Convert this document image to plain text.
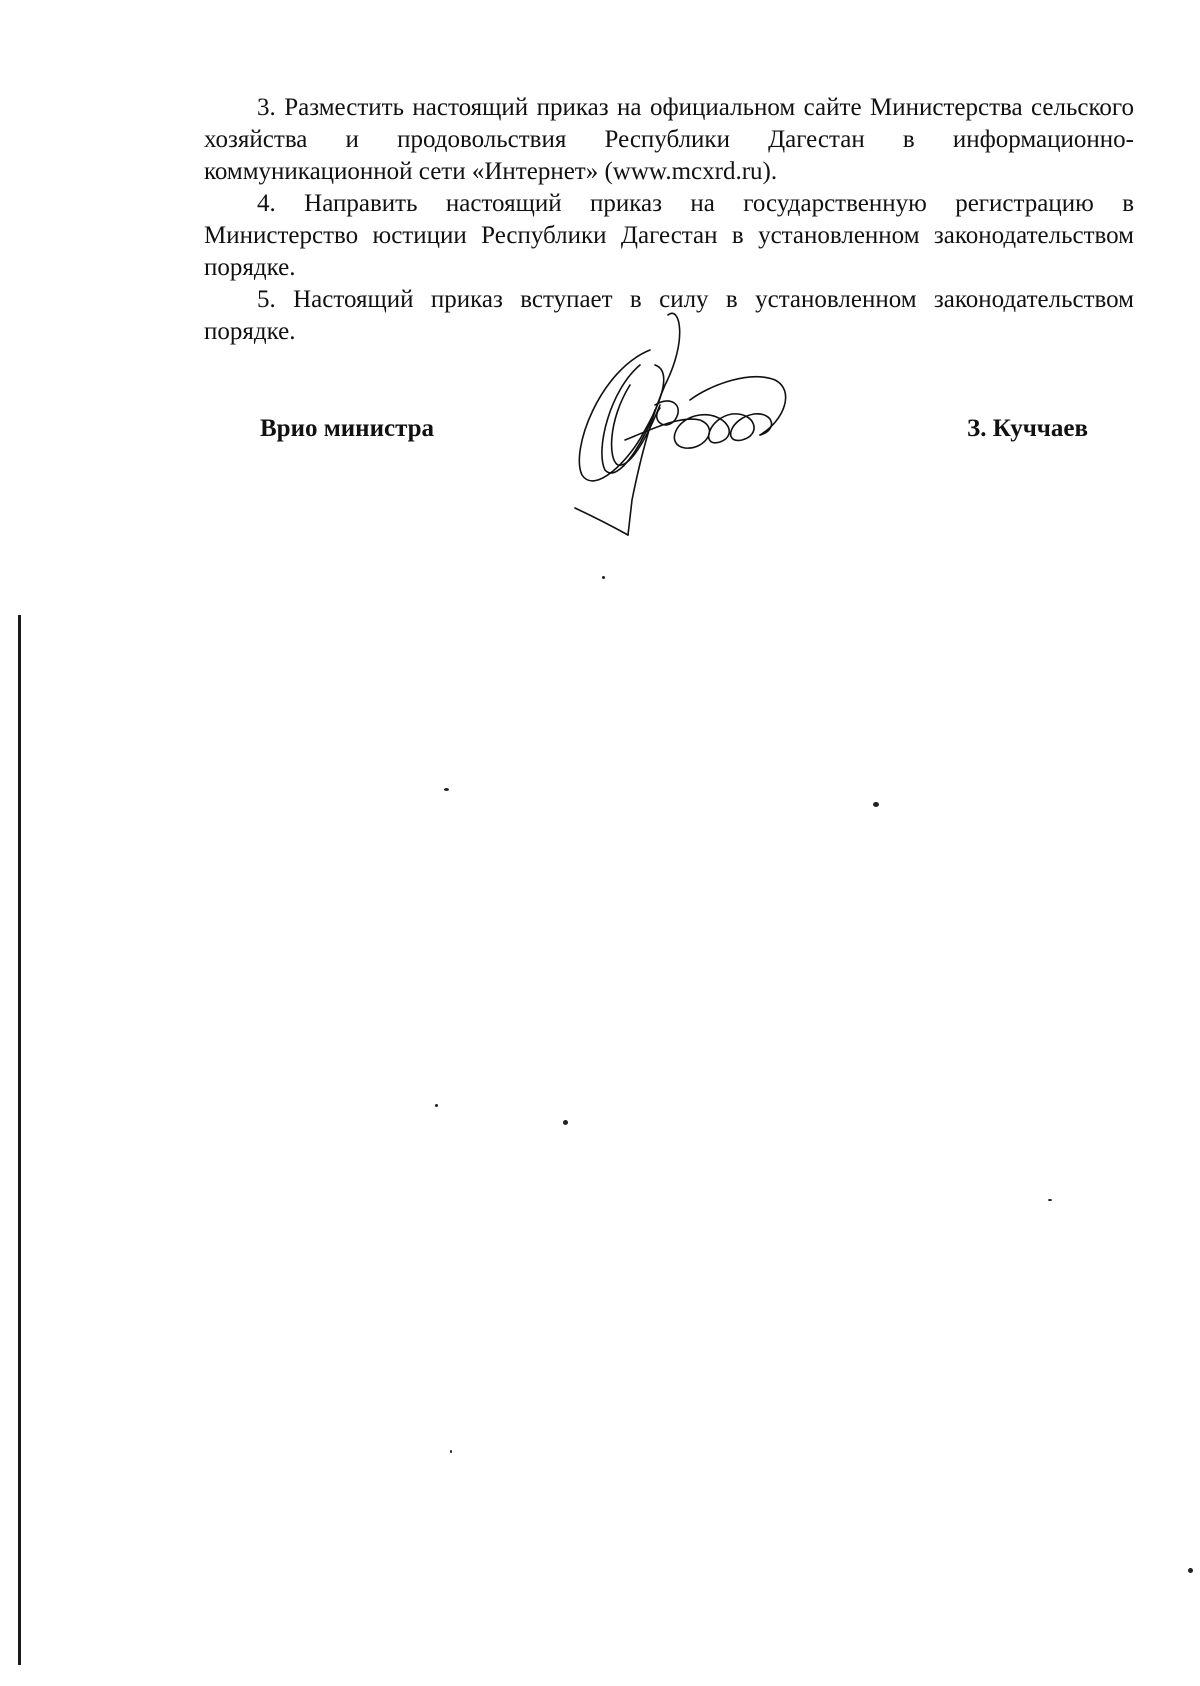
3. Разместить настоящий приказ на официальном сайте Министерства сельского хозяйства и продовольствия Республики Дагестан в информационно-коммуникационной сети «Интернет» (www.mcxrd.ru).

4. Направить настоящий приказ на государственную регистрацию в Министерство юстиции Республики Дагестан в установленном законодательством порядке.

5. Настоящий приказ вступает в силу в установленном законодательством порядке.

Врио министра	З. Куччаев
